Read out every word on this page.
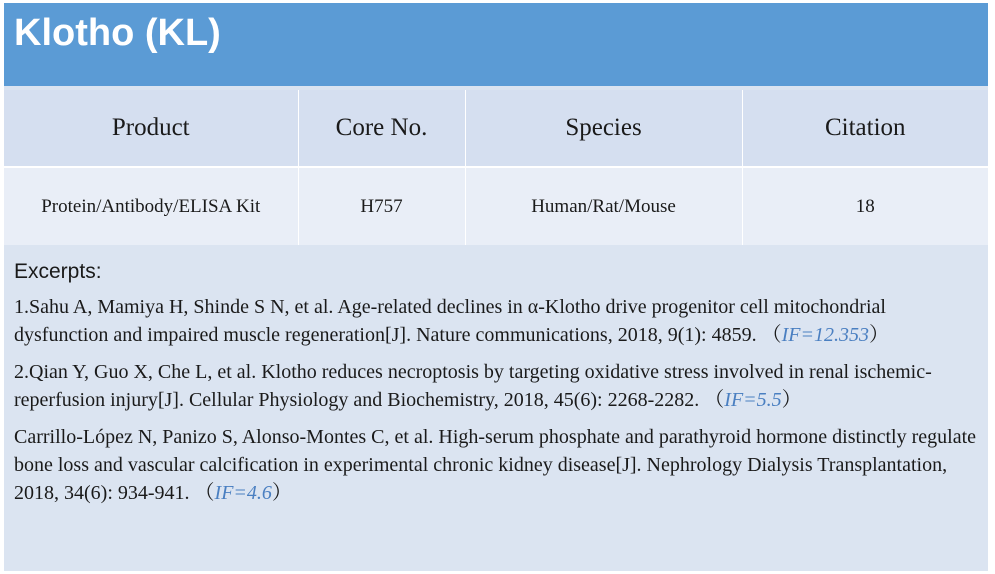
Klotho (KL)
Product	Core No.	Species	Citation
Protein/Antibody/ELISA Kit	H757	Human/Rat/Mouse	18
Excerpts:
1.Sahu A, Mamiya H, Shinde S N, et al. Age-related declines in α-Klotho drive progenitor cell mitochondrial dysfunction and impaired muscle regeneration[J]. Nature communications, 2018, 9(1): 4859. （IF=12.353）
2.Qian Y, Guo X, Che L, et al. Klotho reduces necroptosis by targeting oxidative stress involved in renal ischemic-reperfusion injury[J]. Cellular Physiology and Biochemistry, 2018, 45(6): 2268-2282. （IF=5.5）
Carrillo-López N, Panizo S, Alonso-Montes C, et al. High-serum phosphate and parathyroid hormone distinctly regulate bone loss and vascular calcification in experimental chronic kidney disease[J]. Nephrology Dialysis Transplantation, 2018, 34(6): 934-941. （IF=4.6）
